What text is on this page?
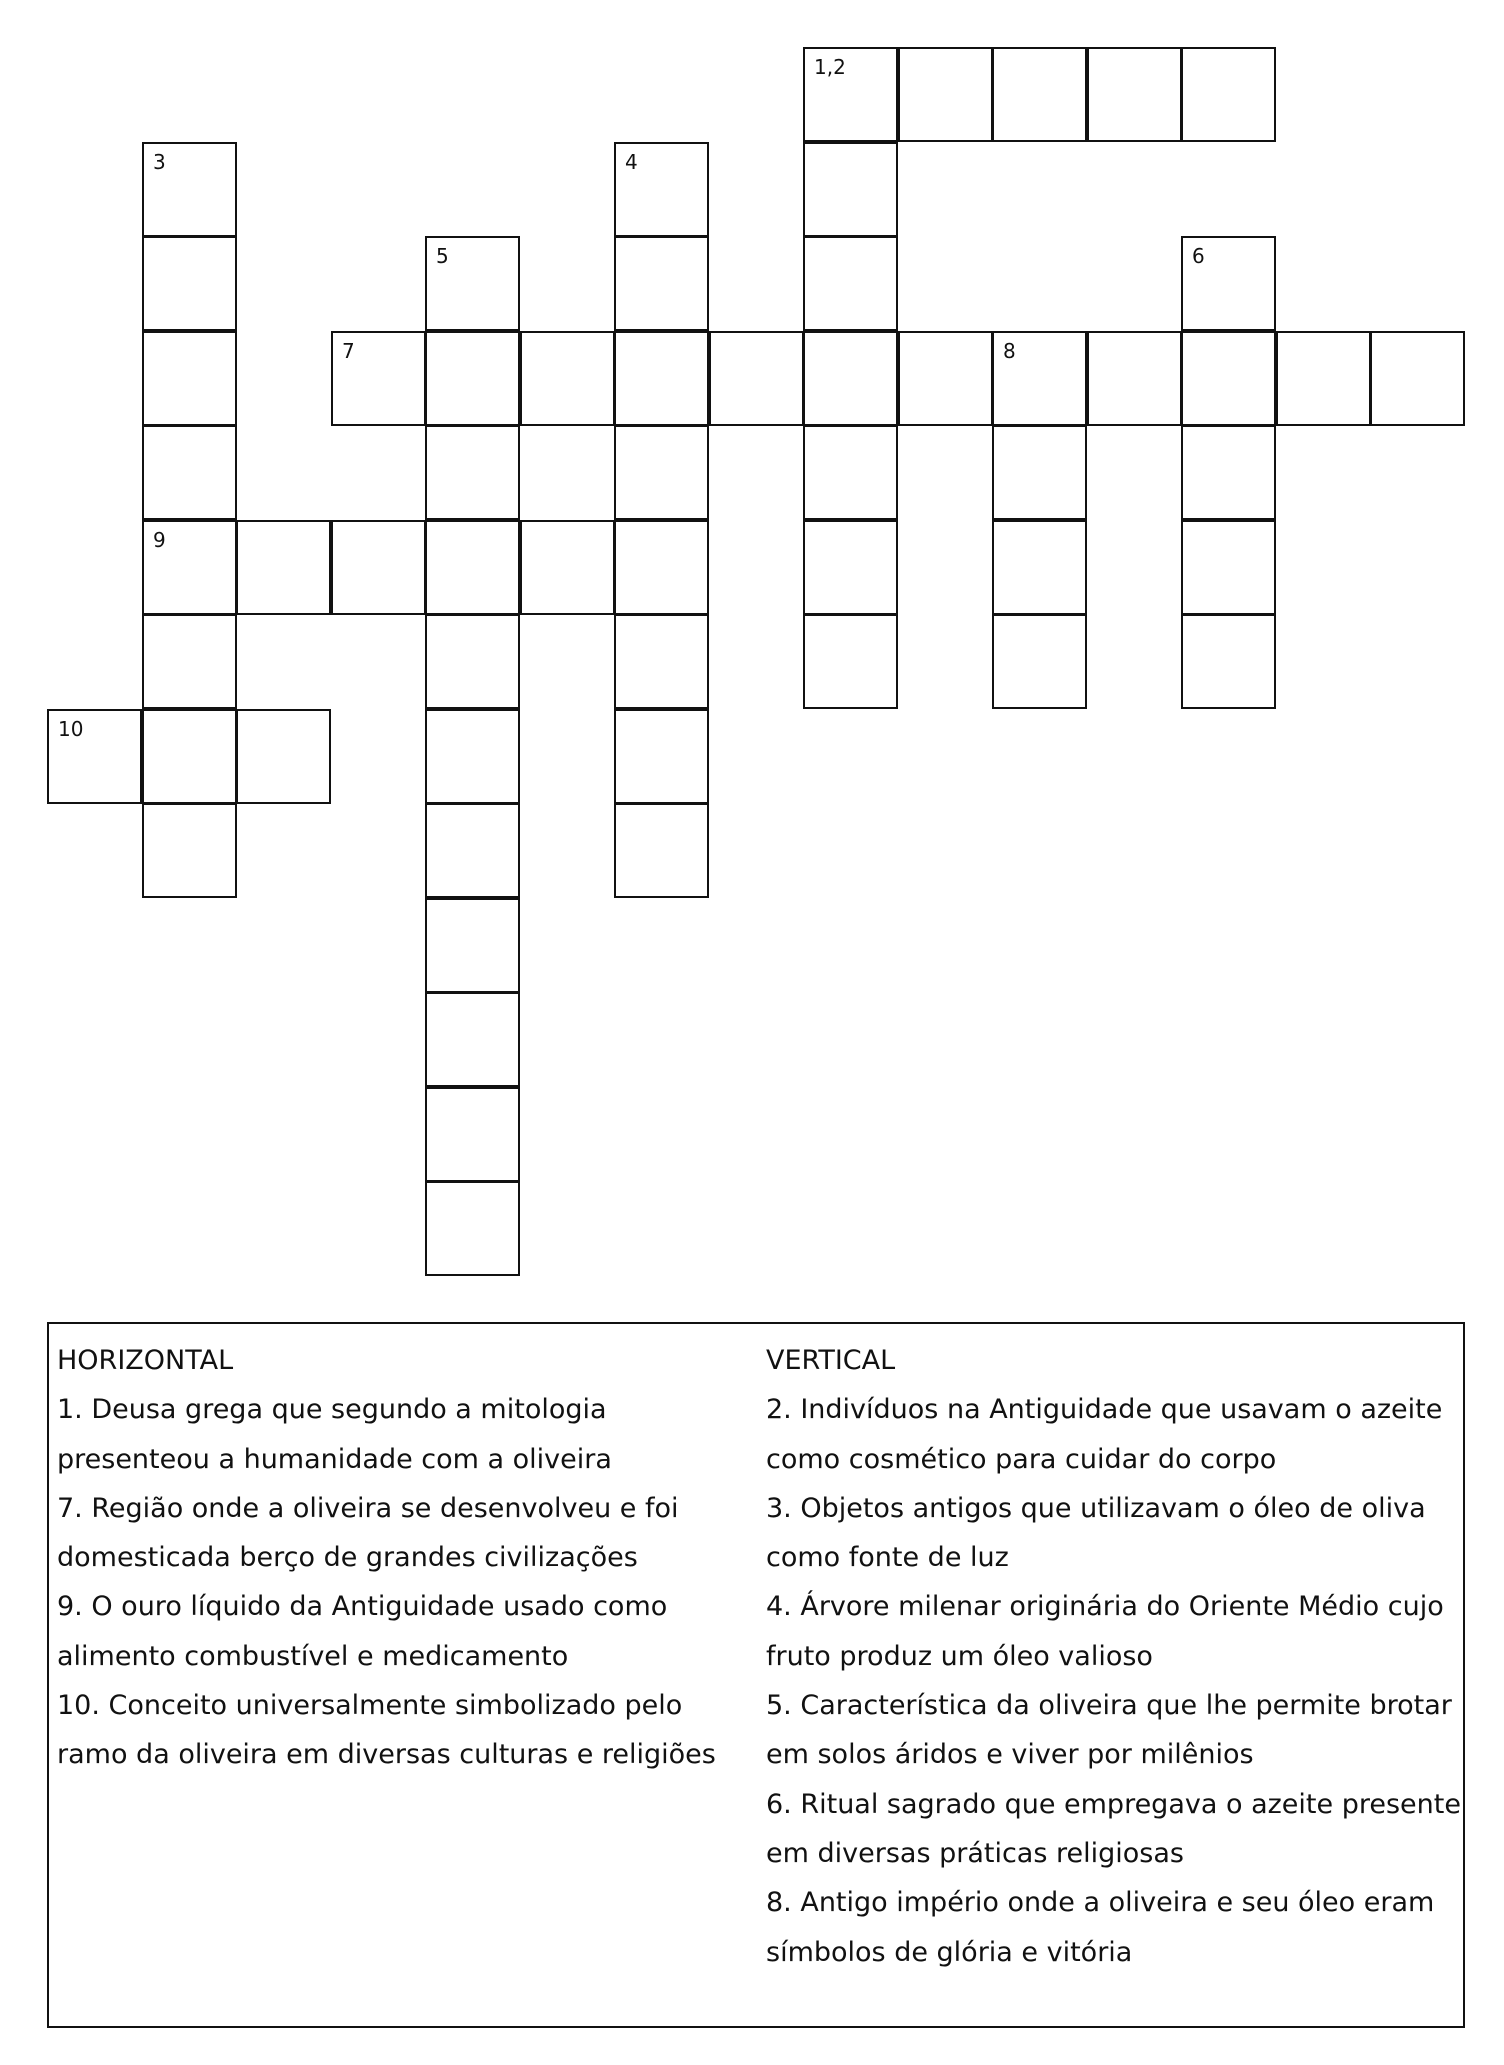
1,2
3	4
5	6
7	8
9
10
HORIZONTAL
1. Deusa grega que segundo a mitologia
presenteou a humanidade com a oliveira
7. Região onde a oliveira se desenvolveu e foi
domesticada berço de grandes civilizações
9. O ouro líquido da Antiguidade usado como
alimento combustível e medicamento
10. Conceito universalmente simbolizado pelo
ramo da oliveira em diversas culturas e religiões
VERTICAL
2. Indivíduos na Antiguidade que usavam o azeite
como cosmético para cuidar do corpo
3. Objetos antigos que utilizavam o óleo de oliva
como fonte de luz
4. Árvore milenar originária do Oriente Médio cujo
fruto produz um óleo valioso
5. Característica da oliveira que lhe permite brotar
em solos áridos e viver por milênios
6. Ritual sagrado que empregava o azeite presente
em diversas práticas religiosas
8. Antigo império onde a oliveira e seu óleo eram
símbolos de glória e vitória
